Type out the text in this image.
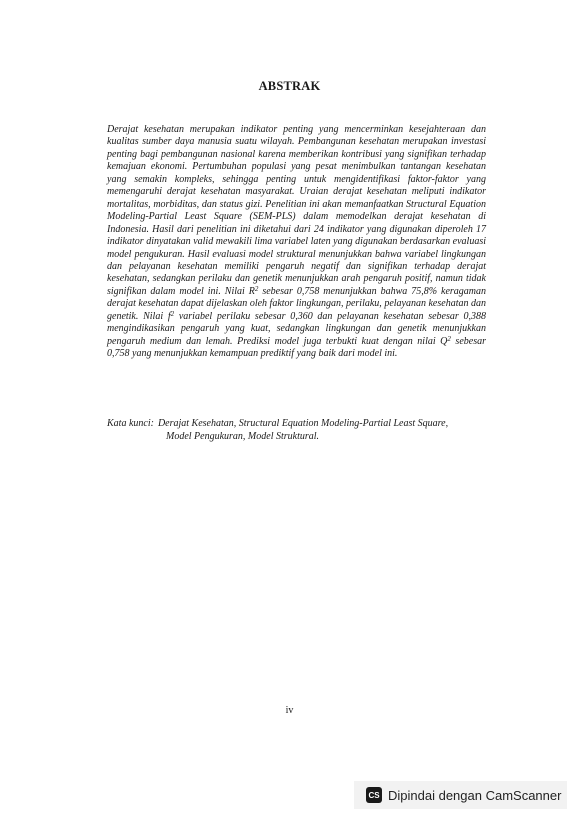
ABSTRAK

Derajat kesehatan merupakan indikator penting yang mencerminkan kesejahteraan dan kualitas sumber daya manusia suatu wilayah. Pembangunan kesehatan merupakan investasi penting bagi pembangunan nasional karena memberikan kontribusi yang signifikan terhadap kemajuan ekonomi. Pertumbuhan populasi yang pesat menimbulkan tantangan kesehatan yang semakin kompleks, sehingga penting untuk mengidentifikasi faktor-faktor yang memengaruhi derajat kesehatan masyarakat. Uraian derajat kesehatan meliputi indikator mortalitas, morbiditas, dan status gizi. Penelitian ini akan memanfaatkan Structural Equation Modeling-Partial Least Square (SEM-PLS) dalam memodelkan derajat kesehatan di Indonesia. Hasil dari penelitian ini diketahui dari 24 indikator yang digunakan diperoleh 17 indikator dinyatakan valid mewakili lima variabel laten yang digunakan berdasarkan evaluasi model pengukuran. Hasil evaluasi model struktural menunjukkan bahwa variabel lingkungan dan pelayanan kesehatan memiliki pengaruh negatif dan signifikan terhadap derajat kesehatan, sedangkan perilaku dan genetik menunjukkan arah pengaruh positif, namun tidak signifikan dalam model ini. Nilai $R^2$ sebesar 0,758 menunjukkan bahwa 75,8% keragaman derajat kesehatan dapat dijelaskan oleh faktor lingkungan, perilaku, pelayanan kesehatan dan genetik. Nilai $f^2$ variabel perilaku sebesar 0,360 dan pelayanan kesehatan sebesar 0,388 mengindikasikan pengaruh yang kuat, sedangkan lingkungan dan genetik menunjukkan pengaruh medium dan lemah. Prediksi model juga terbukti kuat dengan nilai $Q^2$ sebesar 0,758 yang menunjukkan kemampuan prediktif yang baik dari model ini.

Kata kunci: Derajat Kesehatan, Structural Equation Modeling-Partial Least Square,
Model Pengukuran, Model Struktural.
iv
CS Dipindai dengan CamScanner
